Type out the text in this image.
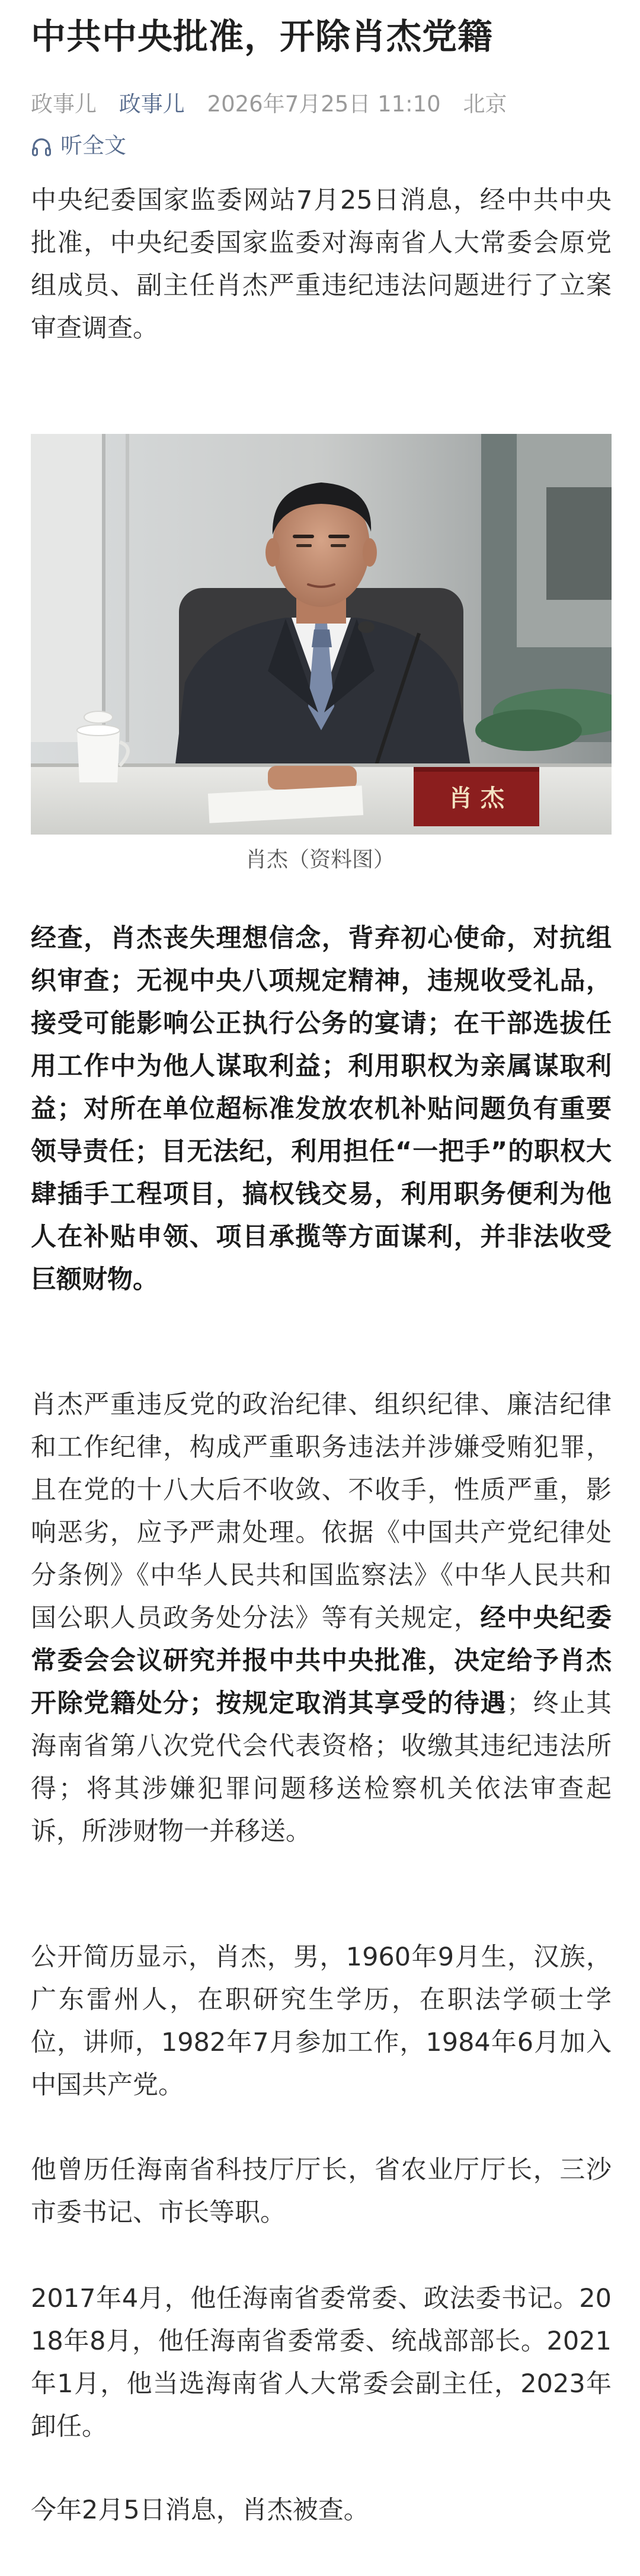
中共中央批准，开除肖杰党籍
政事儿 政事儿 2026年7月25日 11:10 北京
听全文

中央纪委国家监委网站7月25日消息，经中共中央批准，中央纪委国家监委对海南省人大常委会原党组成员、副主任肖杰严重违纪违法问题进行了立案审查调查。

肖 杰
肖杰（资料图）

经查，肖杰丧失理想信念，背弃初心使命，对抗组织审查；无视中央八项规定精神，违规收受礼品，接受可能影响公正执行公务的宴请；在干部选拔任用工作中为他人谋取利益；利用职权为亲属谋取利益；对所在单位超标准发放农机补贴问题负有重要领导责任；目无法纪，利用担任“一把手”的职权大肆插手工程项目，搞权钱交易，利用职务便利为他人在补贴申领、项目承揽等方面谋利，并非法收受巨额财物。

肖杰严重违反党的政治纪律、组织纪律、廉洁纪律和工作纪律，构成严重职务违法并涉嫌受贿犯罪，且在党的十八大后不收敛、不收手，性质严重，影响恶劣，应予严肃处理。依据《中国共产党纪律处分条例》《中华人民共和国监察法》《中华人民共和国公职人员政务处分法》等有关规定，经中央纪委常委会会议研究并报中共中央批准，决定给予肖杰开除党籍处分；按规定取消其享受的待遇；终止其海南省第八次党代会代表资格；收缴其违纪违法所得；将其涉嫌犯罪问题移送检察机关依法审查起诉，所涉财物一并移送。

公开简历显示，肖杰，男，1960年9月生，汉族，广东雷州人，在职研究生学历，在职法学硕士学位，讲师，1982年7月参加工作，1984年6月加入中国共产党。

他曾历任海南省科技厅厅长，省农业厅厅长，三沙市委书记、市长等职。

2017年4月，他任海南省委常委、政法委书记。2018年8月，他任海南省委常委、统战部部长。2021年1月，他当选海南省人大常委会副主任，2023年卸任。

今年2月5日消息，肖杰被查。
